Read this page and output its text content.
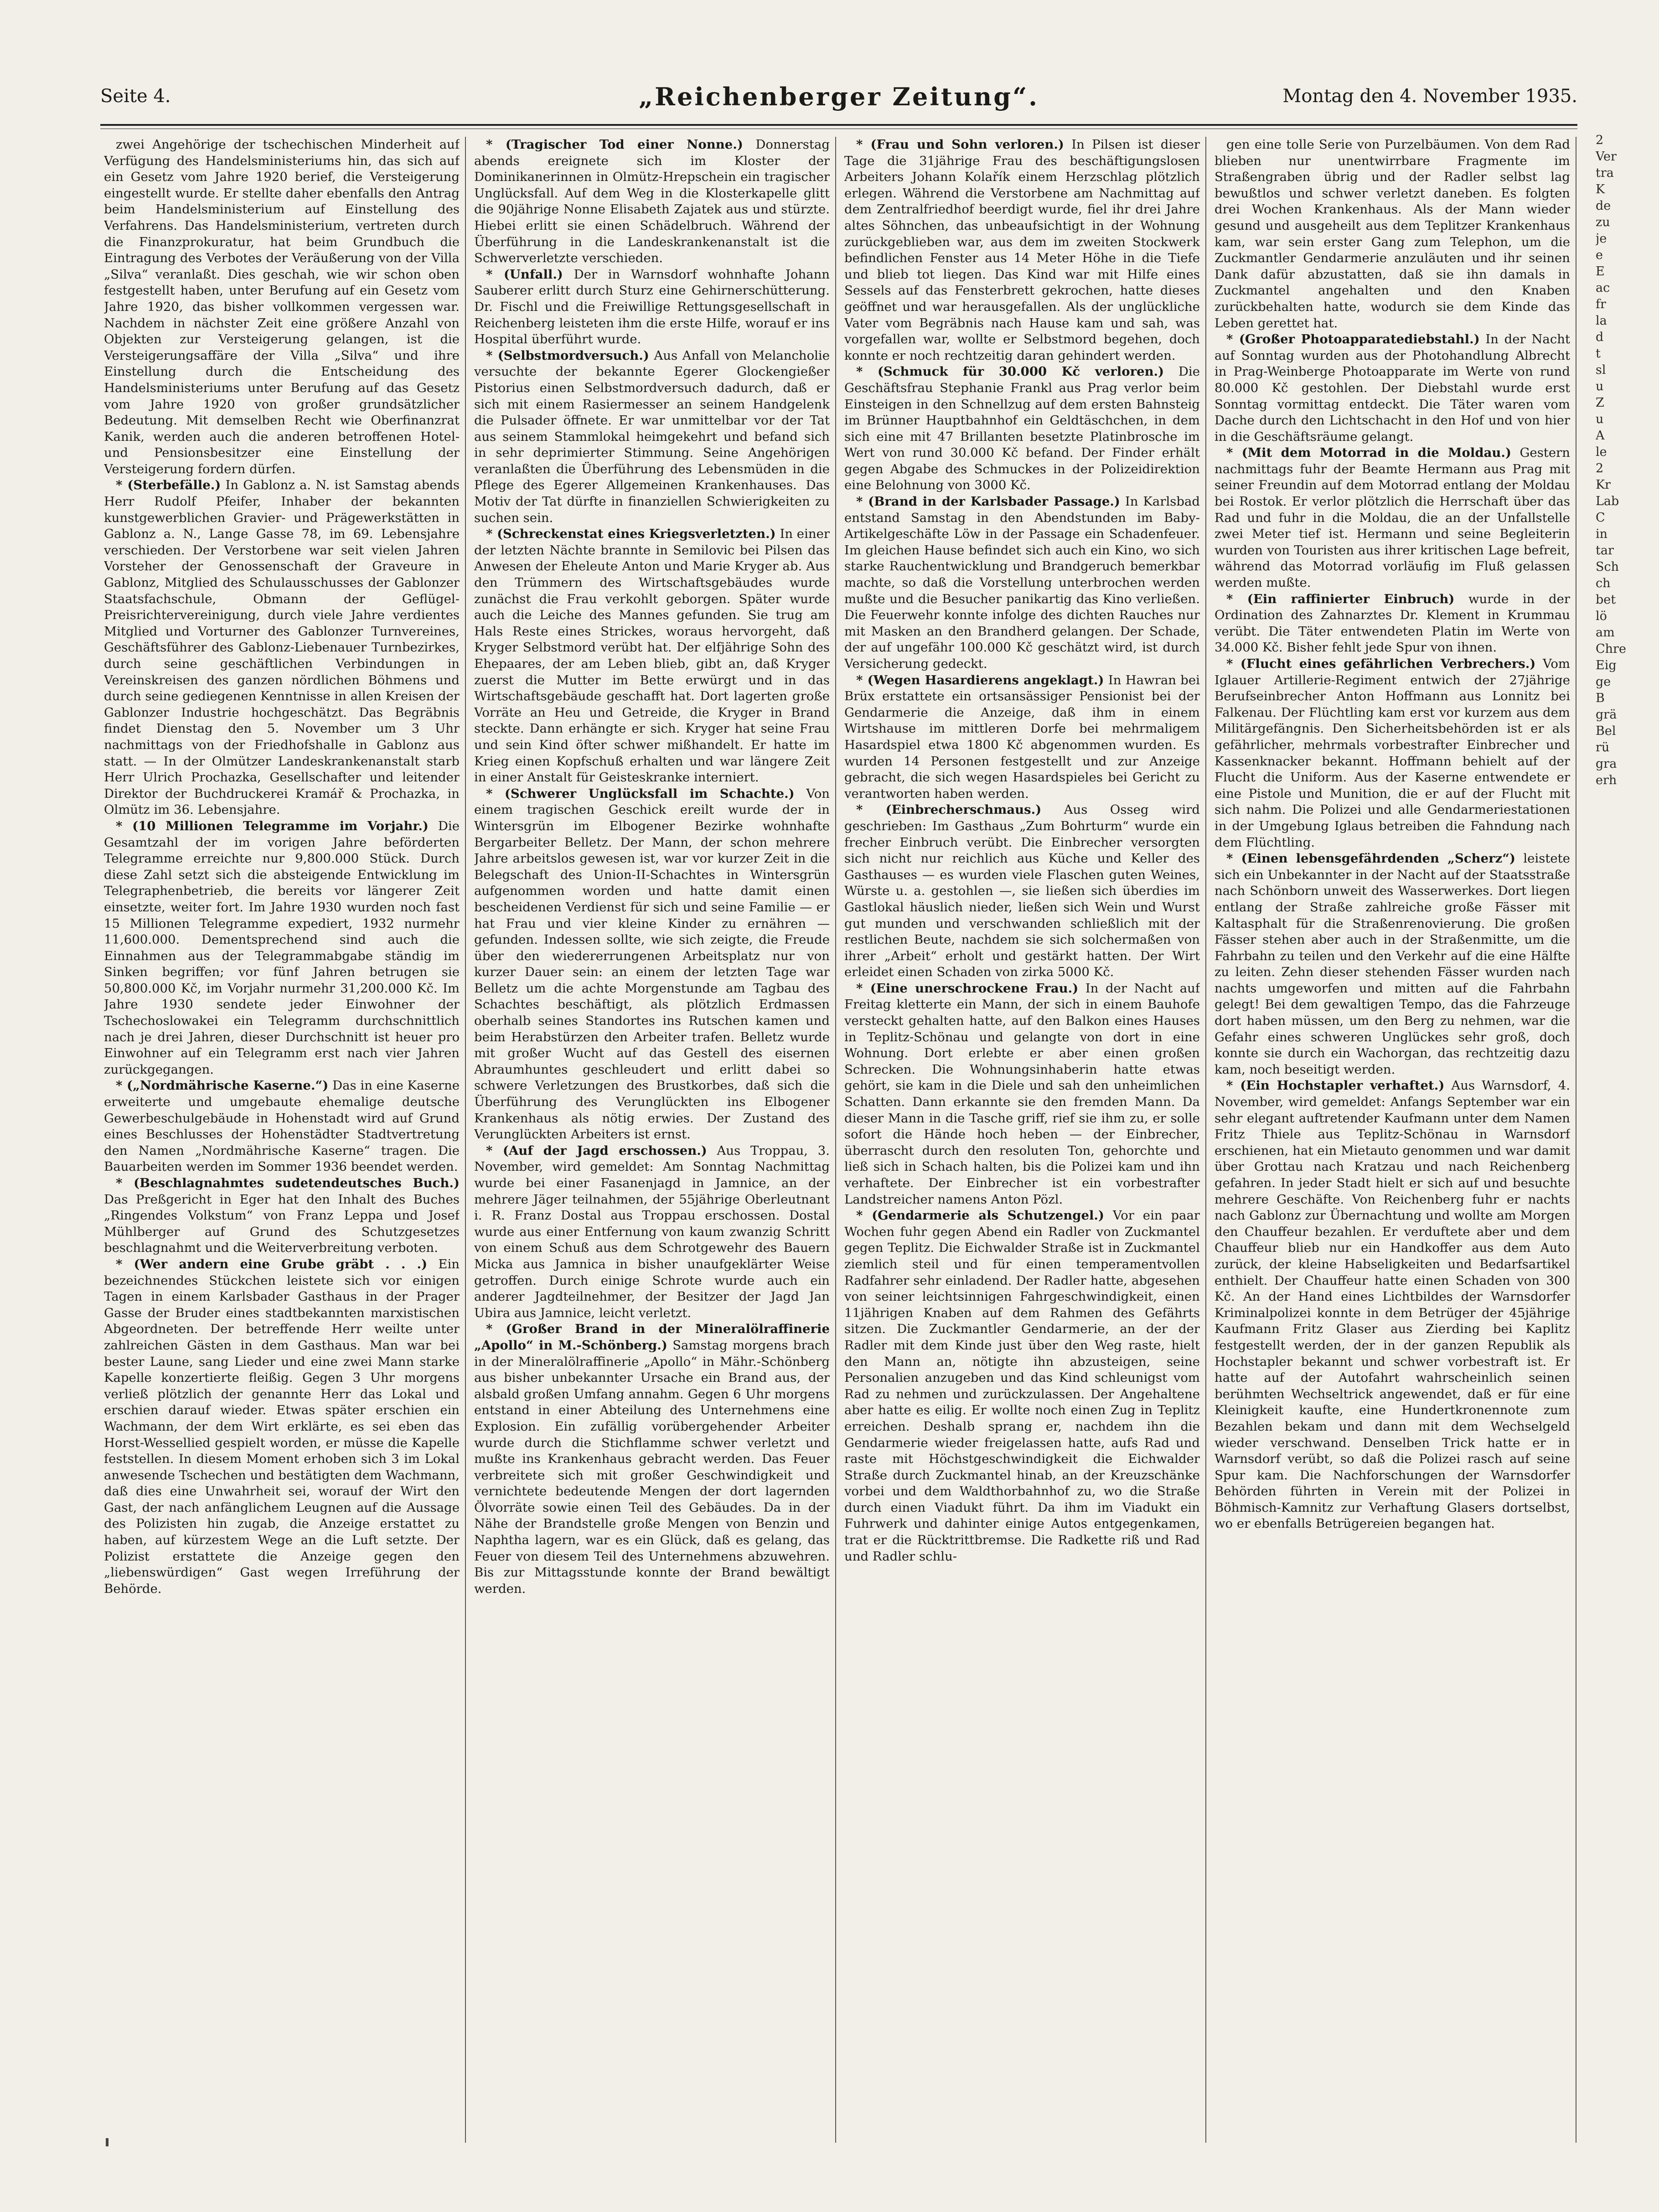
Seite 4.	„Reichenberger Zeitung“.	Montag den 4. November 1935.

zwei Angehörige der tschechischen Minderheit auf Verfügung des Handelsministeriums hin, das sich auf ein Gesetz vom Jahre 1920 berief, die Versteigerung eingestellt wurde. Er stellte daher ebenfalls den Antrag beim Handelsministerium auf Einstellung des Verfahrens. Das Handelsministerium, vertreten durch die Finanzprokuratur, hat beim Grundbuch die Eintragung des Verbotes der Veräußerung von der Villa „Silva“ veranlaßt. Dies geschah, wie wir schon oben festgestellt haben, unter Berufung auf ein Gesetz vom Jahre 1920, das bisher vollkommen vergessen war. Nachdem in nächster Zeit eine größere Anzahl von Objekten zur Versteigerung gelangen, ist die Versteigerungsaffäre der Villa „Silva“ und ihre Einstellung durch die Entscheidung des Handelsministeriums unter Berufung auf das Gesetz vom Jahre 1920 von großer grundsätzlicher Bedeutung. Mit demselben Recht wie Oberfinanzrat Kanik, werden auch die anderen betroffenen Hotel- und Pensionsbesitzer eine Einstellung der Versteigerung fordern dürfen.

* (Sterbefälle.) In Gablonz a. N. ist Samstag abends Herr Rudolf Pfeifer, Inhaber der bekannten kunstgewerblichen Gravier- und Prägewerkstätten in Gablonz a. N., Lange Gasse 78, im 69. Lebensjahre verschieden. Der Verstorbene war seit vielen Jahren Vorsteher der Genossenschaft der Graveure in Gablonz, Mitglied des Schulausschusses der Gablonzer Staatsfachschule, Obmann der Geflügel-Preisrichtervereinigung, durch viele Jahre verdientes Mitglied und Vorturner des Gablonzer Turnvereines, Geschäftsführer des Gablonz-Liebenauer Turnbezirkes, durch seine geschäftlichen Verbindungen in Vereinskreisen des ganzen nördlichen Böhmens und durch seine gediegenen Kenntnisse in allen Kreisen der Gablonzer Industrie hochgeschätzt. Das Begräbnis findet Dienstag den 5. November um 3 Uhr nachmittags von der Friedhofshalle in Gablonz aus statt. — In der Olmützer Landeskrankenanstalt starb Herr Ulrich Prochazka, Gesellschafter und leitender Direktor der Buchdruckerei Kramář & Prochazka, in Olmütz im 36. Lebensjahre.

* (10 Millionen Telegramme im Vorjahr.) Die Gesamtzahl der im vorigen Jahre beförderten Telegramme erreichte nur 9,800.000 Stück. Durch diese Zahl setzt sich die absteigende Entwicklung im Telegraphenbetrieb, die bereits vor längerer Zeit einsetzte, weiter fort. Im Jahre 1930 wurden noch fast 15 Millionen Telegramme expediert, 1932 nurmehr 11,600.000. Dementsprechend sind auch die Einnahmen aus der Telegrammabgabe ständig im Sinken begriffen; vor fünf Jahren betrugen sie 50,800.000 Kč, im Vorjahr nurmehr 31,200.000 Kč. Im Jahre 1930 sendete jeder Einwohner der Tschechoslowakei ein Telegramm durchschnittlich nach je drei Jahren, dieser Durchschnitt ist heuer pro Einwohner auf ein Telegramm erst nach vier Jahren zurückgegangen.

* („Nordmährische Kaserne.“) Das in eine Kaserne erweiterte und umgebaute ehemalige deutsche Gewerbeschulgebäude in Hohenstadt wird auf Grund eines Beschlusses der Hohenstädter Stadtvertretung den Namen „Nordmährische Kaserne“ tragen. Die Bauarbeiten werden im Sommer 1936 beendet werden.

* (Beschlagnahmtes sudetendeutsches Buch.) Das Preßgericht in Eger hat den Inhalt des Buches „Ringendes Volkstum“ von Franz Leppa und Josef Mühlberger auf Grund des Schutzgesetzes beschlagnahmt und die Weiterverbreitung verboten.

* (Wer andern eine Grube gräbt . . .) Ein bezeichnendes Stückchen leistete sich vor einigen Tagen in einem Karlsbader Gasthaus in der Prager Gasse der Bruder eines stadtbekannten marxistischen Abgeordneten. Der betreffende Herr weilte unter zahlreichen Gästen in dem Gasthaus. Man war bei bester Laune, sang Lieder und eine zwei Mann starke Kapelle konzertierte fleißig. Gegen 3 Uhr morgens verließ plötzlich der genannte Herr das Lokal und erschien darauf wieder. Etwas später erschien ein Wachmann, der dem Wirt erklärte, es sei eben das Horst-Wessellied gespielt worden, er müsse die Kapelle feststellen. In diesem Moment erhoben sich 3 im Lokal anwesende Tschechen und bestätigten dem Wachmann, daß dies eine Unwahrheit sei, worauf der Wirt den Gast, der nach anfänglichem Leugnen auf die Aussage des Polizisten hin zugab, die Anzeige erstattet zu haben, auf kürzestem Wege an die Luft setzte. Der Polizist erstattete die Anzeige gegen den „liebenswürdigen“ Gast wegen Irreführung der Behörde.

* (Tragischer Tod einer Nonne.) Donnerstag abends ereignete sich im Kloster der Dominikanerinnen in Olmütz-Hrepschein ein tragischer Unglücksfall. Auf dem Weg in die Klosterkapelle glitt die 90jährige Nonne Elisabeth Zajatek aus und stürzte. Hiebei erlitt sie einen Schädelbruch. Während der Überführung in die Landeskrankenanstalt ist die Schwerverletzte verschieden.

* (Unfall.) Der in Warnsdorf wohnhafte Johann Sauberer erlitt durch Sturz eine Gehirnerschütterung. Dr. Fischl und die Freiwillige Rettungsgesellschaft in Reichenberg leisteten ihm die erste Hilfe, worauf er ins Hospital überführt wurde.

* (Selbstmordversuch.) Aus Anfall von Melancholie versuchte der bekannte Egerer Glockengießer Pistorius einen Selbstmordversuch dadurch, daß er sich mit einem Rasiermesser an seinem Handgelenk die Pulsader öffnete. Er war unmittelbar vor der Tat aus seinem Stammlokal heimgekehrt und befand sich in sehr deprimierter Stimmung. Seine Angehörigen veranlaßten die Überführung des Lebensmüden in die Pflege des Egerer Allgemeinen Krankenhauses. Das Motiv der Tat dürfte in finanziellen Schwierigkeiten zu suchen sein.

* (Schreckenstat eines Kriegsverletzten.) In einer der letzten Nächte brannte in Semilovic bei Pilsen das Anwesen der Eheleute Anton und Marie Kryger ab. Aus den Trümmern des Wirtschaftsgebäudes wurde zunächst die Frau verkohlt geborgen. Später wurde auch die Leiche des Mannes gefunden. Sie trug am Hals Reste eines Strickes, woraus hervorgeht, daß Kryger Selbstmord verübt hat. Der elfjährige Sohn des Ehepaares, der am Leben blieb, gibt an, daß Kryger zuerst die Mutter im Bette erwürgt und in das Wirtschaftsgebäude geschafft hat. Dort lagerten große Vorräte an Heu und Getreide, die Kryger in Brand steckte. Dann erhängte er sich. Kryger hat seine Frau und sein Kind öfter schwer mißhandelt. Er hatte im Krieg einen Kopfschuß erhalten und war längere Zeit in einer Anstalt für Geisteskranke interniert.

* (Schwerer Unglücksfall im Schachte.) Von einem tragischen Geschick ereilt wurde der in Wintersgrün im Elbogener Bezirke wohnhafte Bergarbeiter Belletz. Der Mann, der schon mehrere Jahre arbeitslos gewesen ist, war vor kurzer Zeit in die Belegschaft des Union-II-Schachtes in Wintersgrün aufgenommen worden und hatte damit einen bescheidenen Verdienst für sich und seine Familie — er hat Frau und vier kleine Kinder zu ernähren — gefunden. Indessen sollte, wie sich zeigte, die Freude über den wiedererrungenen Arbeitsplatz nur von kurzer Dauer sein: an einem der letzten Tage war Belletz um die achte Morgenstunde am Tagbau des Schachtes beschäftigt, als plötzlich Erdmassen oberhalb seines Standortes ins Rutschen kamen und beim Herabstürzen den Arbeiter trafen. Belletz wurde mit großer Wucht auf das Gestell des eisernen Abraumhuntes geschleudert und erlitt dabei so schwere Verletzungen des Brustkorbes, daß sich die Überführung des Verunglückten ins Elbogener Krankenhaus als nötig erwies. Der Zustand des Verunglückten Arbeiters ist ernst.

* (Auf der Jagd erschossen.) Aus Troppau, 3. November, wird gemeldet: Am Sonntag Nachmittag wurde bei einer Fasanenjagd in Jamnice, an der mehrere Jäger teilnahmen, der 55jährige Oberleutnant i. R. Franz Dostal aus Troppau erschossen. Dostal wurde aus einer Entfernung von kaum zwanzig Schritt von einem Schuß aus dem Schrotgewehr des Bauern Micka aus Jamnica in bisher unaufgeklärter Weise getroffen. Durch einige Schrote wurde auch ein anderer Jagdteilnehmer, der Besitzer der Jagd Jan Ubira aus Jamnice, leicht verletzt.

* (Großer Brand in der Mineralölraffinerie „Apollo“ in M.-Schönberg.) Samstag morgens brach in der Mineralölraffinerie „Apollo“ in Mähr.-Schönberg aus bisher unbekannter Ursache ein Brand aus, der alsbald großen Umfang annahm. Gegen 6 Uhr morgens entstand in einer Abteilung des Unternehmens eine Explosion. Ein zufällig vorübergehender Arbeiter wurde durch die Stichflamme schwer verletzt und mußte ins Krankenhaus gebracht werden. Das Feuer verbreitete sich mit großer Geschwindigkeit und vernichtete bedeutende Mengen der dort lagernden Ölvorräte sowie einen Teil des Gebäudes. Da in der Nähe der Brandstelle große Mengen von Benzin und Naphtha lagern, war es ein Glück, daß es gelang, das Feuer von diesem Teil des Unternehmens abzuwehren. Bis zur Mittagsstunde konnte der Brand bewältigt werden.

* (Frau und Sohn verloren.) In Pilsen ist dieser Tage die 31jährige Frau des beschäftigungslosen Arbeiters Johann Kolařík einem Herzschlag plötzlich erlegen. Während die Verstorbene am Nachmittag auf dem Zentralfriedhof beerdigt wurde, fiel ihr drei Jahre altes Söhnchen, das unbeaufsichtigt in der Wohnung zurückgeblieben war, aus dem im zweiten Stockwerk befindlichen Fenster aus 14 Meter Höhe in die Tiefe und blieb tot liegen. Das Kind war mit Hilfe eines Sessels auf das Fensterbrett gekrochen, hatte dieses geöffnet und war herausgefallen. Als der unglückliche Vater vom Begräbnis nach Hause kam und sah, was vorgefallen war, wollte er Selbstmord begehen, doch konnte er noch rechtzeitig daran gehindert werden.

* (Schmuck für 30.000 Kč verloren.) Die Geschäftsfrau Stephanie Frankl aus Prag verlor beim Einsteigen in den Schnellzug auf dem ersten Bahnsteig im Brünner Hauptbahnhof ein Geldtäschchen, in dem sich eine mit 47 Brillanten besetzte Platinbrosche im Wert von rund 30.000 Kč befand. Der Finder erhält gegen Abgabe des Schmuckes in der Polizeidirektion eine Belohnung von 3000 Kč.

* (Brand in der Karlsbader Passage.) In Karlsbad entstand Samstag in den Abendstunden im Baby-Artikelgeschäfte Löw in der Passage ein Schadenfeuer. Im gleichen Hause befindet sich auch ein Kino, wo sich starke Rauchentwicklung und Brandgeruch bemerkbar machte, so daß die Vorstellung unterbrochen werden mußte und die Besucher panikartig das Kino verließen. Die Feuerwehr konnte infolge des dichten Rauches nur mit Masken an den Brandherd gelangen. Der Schade, der auf ungefähr 100.000 Kč geschätzt wird, ist durch Versicherung gedeckt.

* (Wegen Hasardierens angeklagt.) In Hawran bei Brüx erstattete ein ortsansässiger Pensionist bei der Gendarmerie die Anzeige, daß ihm in einem Wirtshause im mittleren Dorfe bei mehrmaligem Hasardspiel etwa 1800 Kč abgenommen wurden. Es wurden 14 Personen festgestellt und zur Anzeige gebracht, die sich wegen Hasardspieles bei Gericht zu verantworten haben werden.

* (Einbrecherschmaus.) Aus Osseg wird geschrieben: Im Gasthaus „Zum Bohrturm“ wurde ein frecher Einbruch verübt. Die Einbrecher versorgten sich nicht nur reichlich aus Küche und Keller des Gasthauses — es wurden viele Flaschen guten Weines, Würste u. a. gestohlen —, sie ließen sich überdies im Gastlokal häuslich nieder, ließen sich Wein und Wurst gut munden und verschwanden schließlich mit der restlichen Beute, nachdem sie sich solchermaßen von ihrer „Arbeit“ erholt und gestärkt hatten. Der Wirt erleidet einen Schaden von zirka 5000 Kč.

* (Eine unerschrockene Frau.) In der Nacht auf Freitag kletterte ein Mann, der sich in einem Bauhofe versteckt gehalten hatte, auf den Balkon eines Hauses in Teplitz-Schönau und gelangte von dort in eine Wohnung. Dort erlebte er aber einen großen Schrecken. Die Wohnungsinhaberin hatte etwas gehört, sie kam in die Diele und sah den unheimlichen Schatten. Dann erkannte sie den fremden Mann. Da dieser Mann in die Tasche griff, rief sie ihm zu, er solle sofort die Hände hoch heben — der Einbrecher, überrascht durch den resoluten Ton, gehorchte und ließ sich in Schach halten, bis die Polizei kam und ihn verhaftete. Der Einbrecher ist ein vorbestrafter Landstreicher namens Anton Pözl.

* (Gendarmerie als Schutzengel.) Vor ein paar Wochen fuhr gegen Abend ein Radler von Zuckmantel gegen Teplitz. Die Eichwalder Straße ist in Zuckmantel ziemlich steil und für einen temperamentvollen Radfahrer sehr einladend. Der Radler hatte, abgesehen von seiner leichtsinnigen Fahrgeschwindigkeit, einen 11jährigen Knaben auf dem Rahmen des Gefährts sitzen. Die Zuckmantler Gendarmerie, an der der Radler mit dem Kinde just über den Weg raste, hielt den Mann an, nötigte ihn abzusteigen, seine Personalien anzugeben und das Kind schleunigst vom Rad zu nehmen und zurückzulassen. Der Angehaltene aber hatte es eilig. Er wollte noch einen Zug in Teplitz erreichen. Deshalb sprang er, nachdem ihn die Gendarmerie wieder freigelassen hatte, aufs Rad und raste mit Höchstgeschwindigkeit die Eichwalder Straße durch Zuckmantel hinab, an der Kreuzschänke vorbei und dem Waldthorbahnhof zu, wo die Straße durch einen Viadukt führt. Da ihm im Viadukt ein Fuhrwerk und dahinter einige Autos entgegenkamen, trat er die Rücktrittbremse. Die Radkette riß und Rad und Radler schlu-

gen eine tolle Serie von Purzelbäumen. Von dem Rad blieben nur unentwirrbare Fragmente im Straßengraben übrig und der Radler selbst lag bewußtlos und schwer verletzt daneben. Es folgten drei Wochen Krankenhaus. Als der Mann wieder gesund und ausgeheilt aus dem Teplitzer Krankenhaus kam, war sein erster Gang zum Telephon, um die Zuckmantler Gendarmerie anzuläuten und ihr seinen Dank dafür abzustatten, daß sie ihn damals in Zuckmantel angehalten und den Knaben zurückbehalten hatte, wodurch sie dem Kinde das Leben gerettet hat.

* (Großer Photoapparatediebstahl.) In der Nacht auf Sonntag wurden aus der Photohandlung Albrecht in Prag-Weinberge Photoapparate im Werte von rund 80.000 Kč gestohlen. Der Diebstahl wurde erst Sonntag vormittag entdeckt. Die Täter waren vom Dache durch den Lichtschacht in den Hof und von hier in die Geschäftsräume gelangt.

* (Mit dem Motorrad in die Moldau.) Gestern nachmittags fuhr der Beamte Hermann aus Prag mit seiner Freundin auf dem Motorrad entlang der Moldau bei Rostok. Er verlor plötzlich die Herrschaft über das Rad und fuhr in die Moldau, die an der Unfallstelle zwei Meter tief ist. Hermann und seine Begleiterin wurden von Touristen aus ihrer kritischen Lage befreit, während das Motorrad vorläufig im Fluß gelassen werden mußte.

* (Ein raffinierter Einbruch) wurde in der Ordination des Zahnarztes Dr. Klement in Krummau verübt. Die Täter entwendeten Platin im Werte von 34.000 Kč. Bisher fehlt jede Spur von ihnen.

* (Flucht eines gefährlichen Verbrechers.) Vom Iglauer Artillerie-Regiment entwich der 27jährige Berufseinbrecher Anton Hoffmann aus Lonnitz bei Falkenau. Der Flüchtling kam erst vor kurzem aus dem Militärgefängnis. Den Sicherheitsbehörden ist er als gefährlicher, mehrmals vorbestrafter Einbrecher und Kassenknacker bekannt. Hoffmann behielt auf der Flucht die Uniform. Aus der Kaserne entwendete er eine Pistole und Munition, die er auf der Flucht mit sich nahm. Die Polizei und alle Gendarmeriestationen in der Umgebung Iglaus betreiben die Fahndung nach dem Flüchtling.

* (Einen lebensgefährdenden „Scherz“) leistete sich ein Unbekannter in der Nacht auf der Staatsstraße nach Schönborn unweit des Wasserwerkes. Dort liegen entlang der Straße zahlreiche große Fässer mit Kaltasphalt für die Straßenrenovierung. Die großen Fässer stehen aber auch in der Straßenmitte, um die Fahrbahn zu teilen und den Verkehr auf die eine Hälfte zu leiten. Zehn dieser stehenden Fässer wurden nach nachts umgeworfen und mitten auf die Fahrbahn gelegt! Bei dem gewaltigen Tempo, das die Fahrzeuge dort haben müssen, um den Berg zu nehmen, war die Gefahr eines schweren Unglückes sehr groß, doch konnte sie durch ein Wachorgan, das rechtzeitig dazu kam, noch beseitigt werden.

* (Ein Hochstapler verhaftet.) Aus Warnsdorf, 4. November, wird gemeldet: Anfangs September war ein sehr elegant auftretender Kaufmann unter dem Namen Fritz Thiele aus Teplitz-Schönau in Warnsdorf erschienen, hat ein Mietauto genommen und war damit über Grottau nach Kratzau und nach Reichenberg gefahren. In jeder Stadt hielt er sich auf und besuchte mehrere Geschäfte. Von Reichenberg fuhr er nachts nach Gablonz zur Übernachtung und wollte am Morgen den Chauffeur bezahlen. Er verduftete aber und dem Chauffeur blieb nur ein Handkoffer aus dem Auto zurück, der kleine Habseligkeiten und Bedarfsartikel enthielt. Der Chauffeur hatte einen Schaden von 300 Kč. An der Hand eines Lichtbildes der Warnsdorfer Kriminalpolizei konnte in dem Betrüger der 45jährige Kaufmann Fritz Glaser aus Zierding bei Kaplitz festgestellt werden, der in der ganzen Republik als Hochstapler bekannt und schwer vorbestraft ist. Er hatte auf der Autofahrt wahrscheinlich seinen berühmten Wechseltrick angewendet, daß er für eine Kleinigkeit kaufte, eine Hundertkronennote zum Bezahlen bekam und dann mit dem Wechselgeld wieder verschwand. Denselben Trick hatte er in Warnsdorf verübt, so daß die Polizei rasch auf seine Spur kam. Die Nachforschungen der Warnsdorfer Behörden führten in Verein mit der Polizei in Böhmisch-Kamnitz zur Verhaftung Glasers dortselbst, wo er ebenfalls Betrügereien begangen hat.

2
Ver
tra
K
de
zu
je
e
E
ac
fr
la
d
t
sl
u
Z
u
A
le
2
Kr
Lab
C
in
tar
Sch
ch
bet
lö
am
Chre
Eig
ge
B
grä
Bel
rü
gra
erh
